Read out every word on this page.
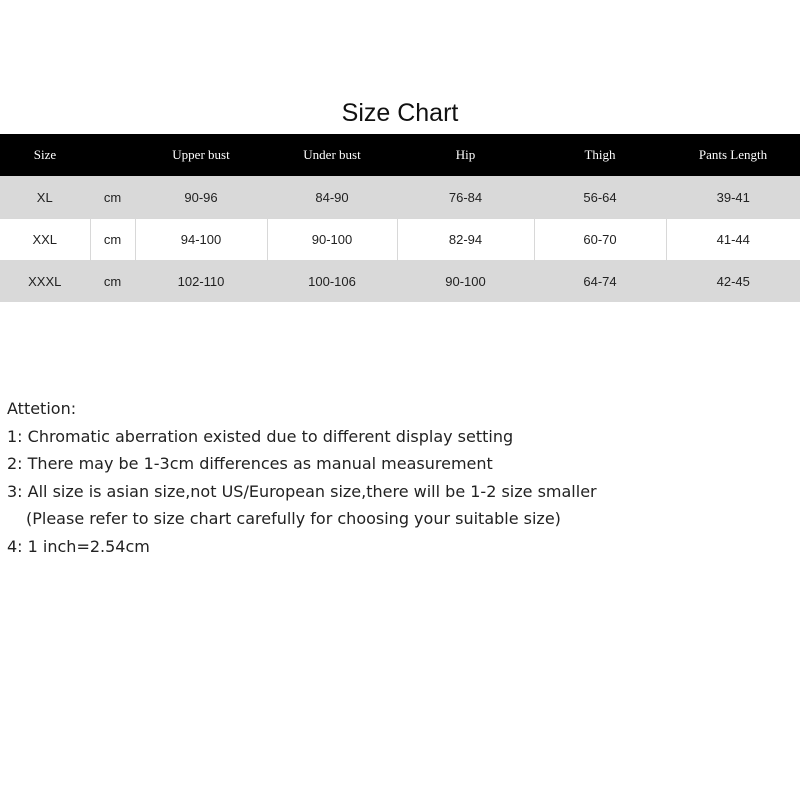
Size Chart
Size		Upper bust	Under bust	Hip	Thigh	Pants Length
XL	cm	90-96	84-90	76-84	56-64	39-41
XXL	cm	94-100	90-100	82-94	60-70	41-44
XXXL	cm	102-110	100-106	90-100	64-74	42-45
Attetion:
1: Chromatic aberration existed due to different display setting
2: There may be 1-3cm differences as manual measurement
3: All size is asian size,not US/European size,there will be 1-2 size smaller
(Please refer to size chart carefully for choosing your suitable size)
4: 1 inch=2.54cm
